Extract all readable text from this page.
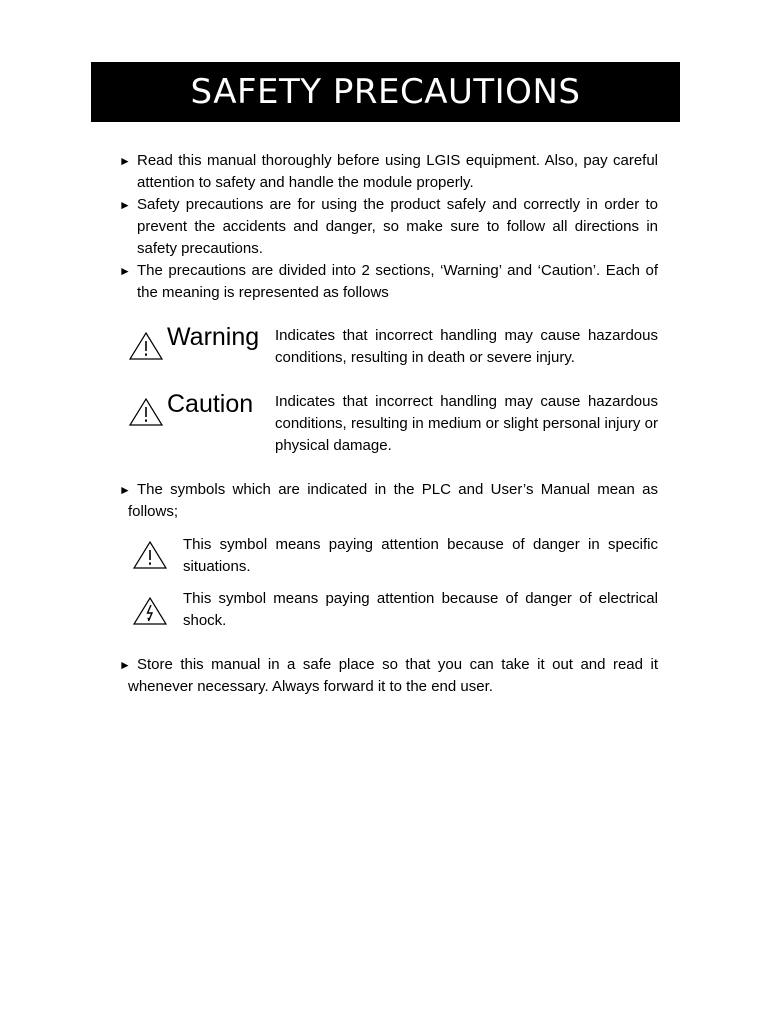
SAFETY PRECAUTIONS
► Read this manual thoroughly before using LGIS equipment. Also, pay careful attention to safety and handle the module properly.
► Safety precautions are for using the product safely and correctly in order to prevent the accidents and danger, so make sure to follow all directions in safety precautions.
► The precautions are divided into 2 sections, ‘Warning’ and ‘Caution’. Each of the meaning is represented as follows
Warning Indicates that incorrect handling may cause hazardous conditions, resulting in death or severe injury.
Caution Indicates that incorrect handling may cause hazardous conditions, resulting in medium or slight personal injury or physical damage.
► The symbols which are indicated in the PLC and User’s Manual mean as follows;
This symbol means paying attention because of danger in specific situations.
This symbol means paying attention because of danger of electrical shock.
► Store this manual in a safe place so that you can take it out and read it whenever necessary. Always forward it to the end user.
